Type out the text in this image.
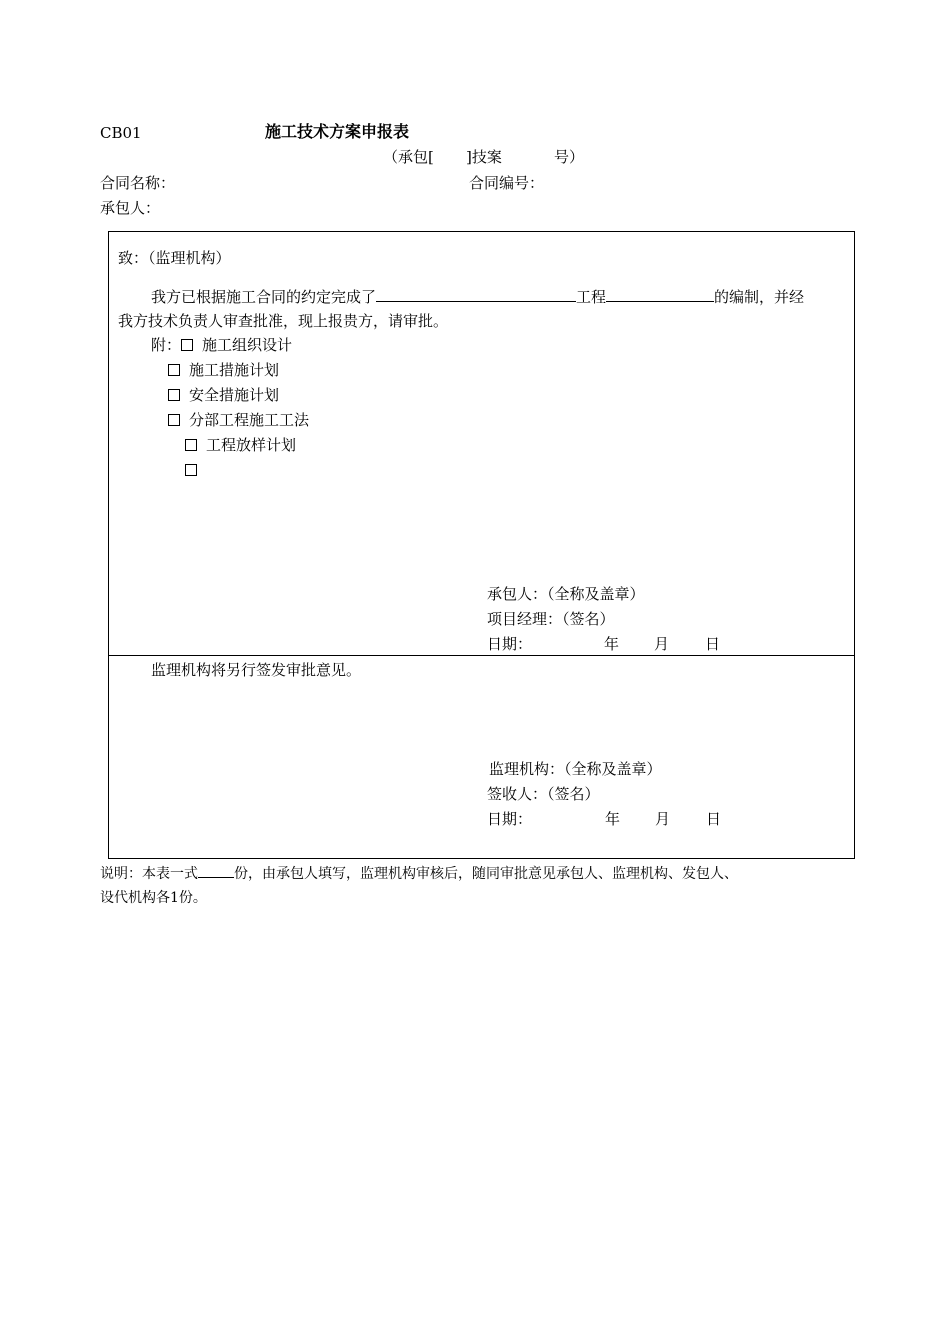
CB01	施工技术方案申报表
（承包[ ]技案	号）
合同名称：	合同编号：
承包人：
致：（监理机构）
我方已根据施工合同的约定完成了	工程	的编制，并经
我方技术负责人审查批准，现上报贵方，请审批。
附： 施工组织设计
施工措施计划
安全措施计划
分部工程施工工法
工程放样计划
承包人：（全称及盖章）
项目经理：（签名）
日期：	年 月 日
监理机构将另行签发审批意见。
监理机构：（全称及盖章）
签收人：（签名）
日期：	年 月 日
说明：本表一式	份，由承包人填写，监理机构审核后，随同审批意见承包人、监理机构、发包人、
设代机构各1份。
